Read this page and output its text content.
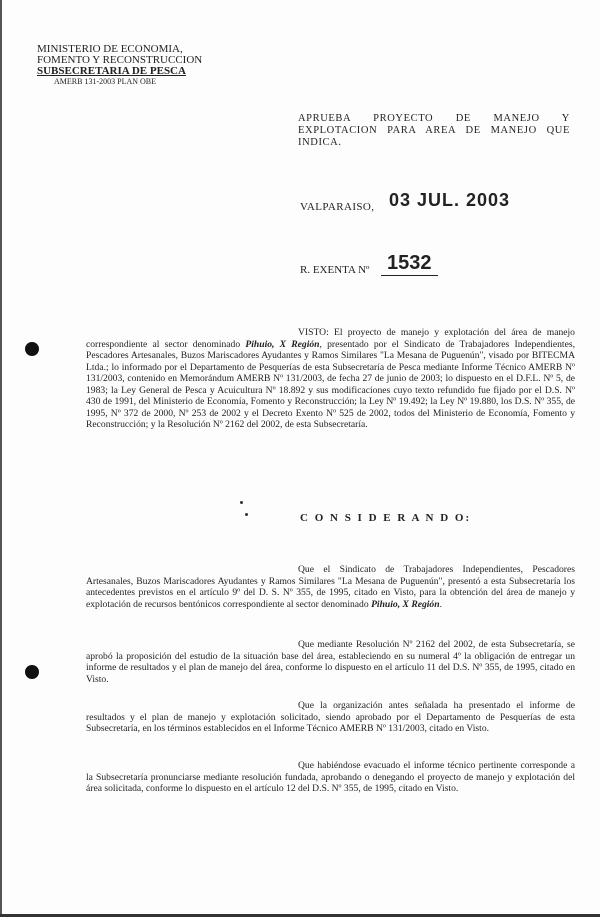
MINISTERIO DE ECONOMIA,
FOMENTO Y RECONSTRUCCION
SUBSECRETARIA DE PESCA
AMERB 131-2003 PLAN OBE
APRUEBA PROYECTO DE MANEJO Y EXPLOTACION PARA AREA DE MANEJO QUE INDICA.
VALPARAISO, 03 JUL. 2003
R. EXENTA Nº 1532
VISTO: El proyecto de manejo y explotación del área de manejo correspondiente al sector denominado Pihuio, X Región, presentado por el Sindicato de Trabajadores Independientes, Pescadores Artesanales, Buzos Mariscadores Ayudantes y Ramos Similares "La Mesana de Puguenún", visado por BITECMA Ltda.; lo informado por el Departamento de Pesquerías de esta Subsecretaría de Pesca mediante Informe Técnico AMERB Nº 131/2003, contenido en Memorándum AMERB Nº 131/2003, de fecha 27 de junio de 2003; lo dispuesto en el D.F.L. Nº 5, de 1983; la Ley General de Pesca y Acuicultura Nº 18.892 y sus modificaciones cuyo texto refundido fue fijado por el D.S. Nº 430 de 1991, del Ministerio de Economía, Fomento y Reconstrucción; la Ley Nº 19.492; la Ley Nº 19.880, los D.S. Nº 355, de 1995, Nº 372 de 2000, Nº 253 de 2002 y el Decreto Exento Nº 525 de 2002, todos del Ministerio de Economía, Fomento y Reconstrucción; y la Resolución Nº 2162 del 2002, de esta Subsecretaría.
C O N S I D E R A N D O:
Que el Sindicato de Trabajadores Independientes, Pescadores Artesanales, Buzos Mariscadores Ayudantes y Ramos Similares "La Mesana de Puguenún", presentó a esta Subsecretaría los antecedentes previstos en el artículo 9º del D. S. Nº 355, de 1995, citado en Visto, para la obtención del área de manejo y explotación de recursos bentónicos correspondiente al sector denominado Pihuio, X Región.
Que mediante Resolución Nº 2162 del 2002, de esta Subsecretaría, se aprobó la proposición del estudio de la situación base del área, estableciendo en su numeral 4º la obligación de entregar un informe de resultados y el plan de manejo del área, conforme lo dispuesto en el artículo 11 del D.S. Nº 355, de 1995, citado en Visto.
Que la organización antes señalada ha presentado el informe de resultados y el plan de manejo y explotación solicitado, siendo aprobado por el Departamento de Pesquerías de esta Subsecretaría, en los términos establecidos en el Informe Técnico AMERB Nº 131/2003, citado en Visto.
Que habiéndose evacuado el informe técnico pertinente corresponde a la Subsecretaría pronunciarse mediante resolución fundada, aprobando o denegando el proyecto de manejo y explotación del área solicitada, conforme lo dispuesto en el artículo 12 del D.S. Nº 355, de 1995, citado en Visto.
